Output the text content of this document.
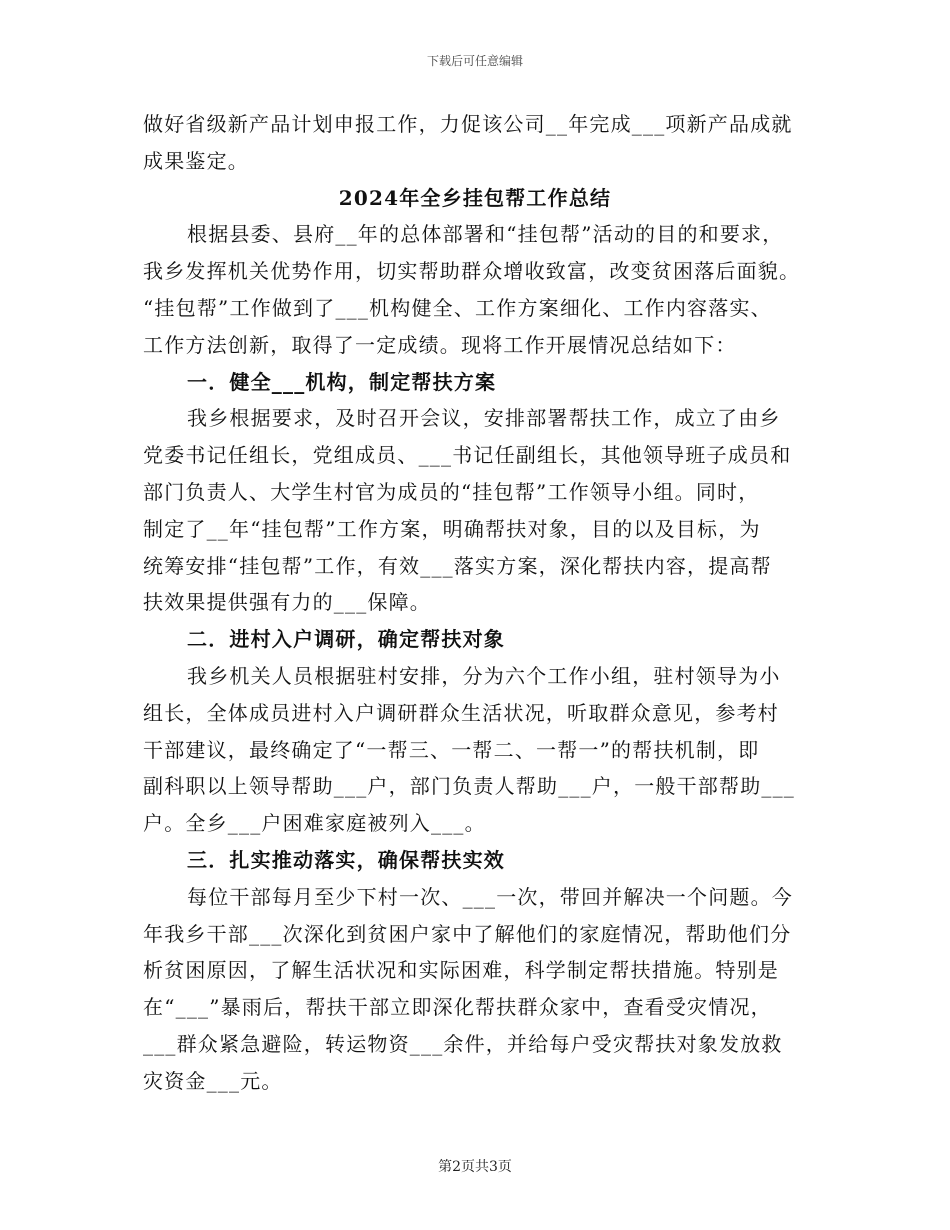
下载后可任意编辑
做好省级新产品计划申报工作，力促该公司__年完成___项新产品成就
成果鉴定。
2024年全乡挂包帮工作总结
根据县委、县府__年的总体部署和“挂包帮”活动的目的和要求，
我乡发挥机关优势作用，切实帮助群众增收致富，改变贫困落后面貌。
“挂包帮”工作做到了___机构健全、工作方案细化、工作内容落实、
工作方法创新，取得了一定成绩。现将工作开展情况总结如下：
一．健全___机构，制定帮扶方案
我乡根据要求，及时召开会议，安排部署帮扶工作，成立了由乡
党委书记任组长，党组成员、___书记任副组长，其他领导班子成员和
部门负责人、大学生村官为成员的“挂包帮”工作领导小组。同时，
制定了__年“挂包帮”工作方案，明确帮扶对象，目的以及目标，为
统筹安排“挂包帮”工作，有效___落实方案，深化帮扶内容，提高帮
扶效果提供强有力的___保障。
二．进村入户调研，确定帮扶对象
我乡机关人员根据驻村安排，分为六个工作小组，驻村领导为小
组长，全体成员进村入户调研群众生活状况，听取群众意见，参考村
干部建议，最终确定了“一帮三、一帮二、一帮一”的帮扶机制，即
副科职以上领导帮助___户，部门负责人帮助___户，一般干部帮助___
户。全乡___户困难家庭被列入___。
三．扎实推动落实，确保帮扶实效
每位干部每月至少下村一次、___一次，带回并解决一个问题。今
年我乡干部___次深化到贫困户家中了解他们的家庭情况，帮助他们分
析贫困原因，了解生活状况和实际困难，科学制定帮扶措施。特别是
在“___”暴雨后，帮扶干部立即深化帮扶群众家中，查看受灾情况，
___群众紧急避险，转运物资___余件，并给每户受灾帮扶对象发放救
灾资金___元。
第2页共3页
